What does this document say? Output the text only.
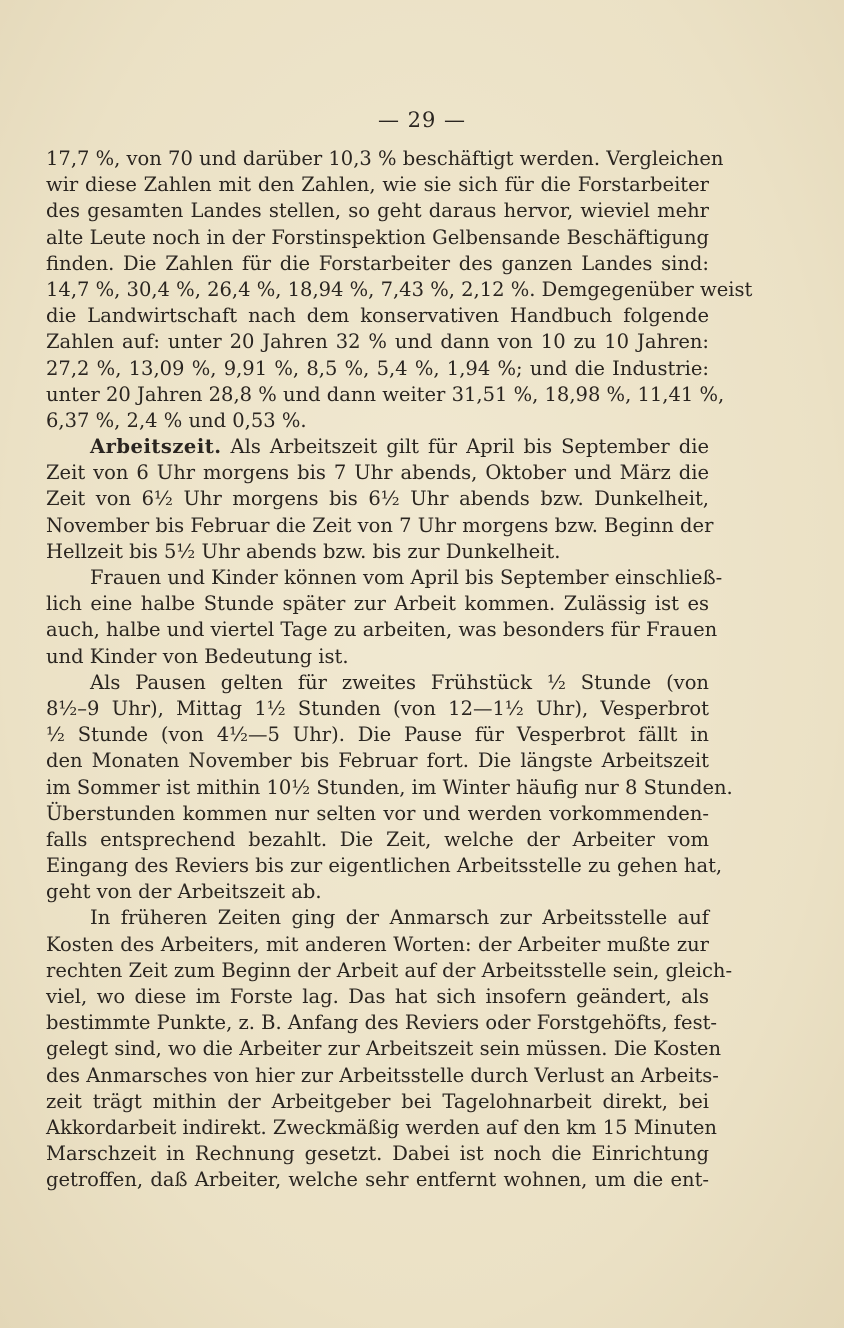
— 29 —
17,7 %, von 70 und darüber 10,3 % beschäftigt werden. Vergleichen
wir diese Zahlen mit den Zahlen, wie sie sich für die Forstarbeiter
des gesamten Landes stellen, so geht daraus hervor, wieviel mehr
alte Leute noch in der Forstinspektion Gelbensande Beschäftigung
finden. Die Zahlen für die Forstarbeiter des ganzen Landes sind:
14,7 %, 30,4 %, 26,4 %, 18,94 %, 7,43 %, 2,12 %. Demgegenüber weist
die Landwirtschaft nach dem konservativen Handbuch folgende
Zahlen auf: unter 20 Jahren 32 % und dann von 10 zu 10 Jahren:
27,2 %, 13,09 %, 9,91 %, 8,5 %, 5,4 %, 1,94 %; und die Industrie:
unter 20 Jahren 28,8 % und dann weiter 31,51 %, 18,98 %, 11,41 %,
6,37 %, 2,4 % und 0,53 %.
Arbeitszeit. Als Arbeitszeit gilt für April bis September die
Zeit von 6 Uhr morgens bis 7 Uhr abends, Oktober und März die
Zeit von 6½ Uhr morgens bis 6½ Uhr abends bzw. Dunkelheit,
November bis Februar die Zeit von 7 Uhr morgens bzw. Beginn der
Hellzeit bis 5½ Uhr abends bzw. bis zur Dunkelheit.
Frauen und Kinder können vom April bis September einschließ-
lich eine halbe Stunde später zur Arbeit kommen. Zulässig ist es
auch, halbe und viertel Tage zu arbeiten, was besonders für Frauen
und Kinder von Bedeutung ist.
Als Pausen gelten für zweites Frühstück ½ Stunde (von
8½–9 Uhr), Mittag 1½ Stunden (von 12—1½ Uhr), Vesperbrot
½ Stunde (von 4½—5 Uhr). Die Pause für Vesperbrot fällt in
den Monaten November bis Februar fort. Die längste Arbeitszeit
im Sommer ist mithin 10½ Stunden, im Winter häufig nur 8 Stunden.
Überstunden kommen nur selten vor und werden vorkommenden-
falls entsprechend bezahlt. Die Zeit, welche der Arbeiter vom
Eingang des Reviers bis zur eigentlichen Arbeitsstelle zu gehen hat,
geht von der Arbeitszeit ab.
In früheren Zeiten ging der Anmarsch zur Arbeitsstelle auf
Kosten des Arbeiters, mit anderen Worten: der Arbeiter mußte zur
rechten Zeit zum Beginn der Arbeit auf der Arbeitsstelle sein, gleich-
viel, wo diese im Forste lag. Das hat sich insofern geändert, als
bestimmte Punkte, z. B. Anfang des Reviers oder Forstgehöfts, fest-
gelegt sind, wo die Arbeiter zur Arbeitszeit sein müssen. Die Kosten
des Anmarsches von hier zur Arbeitsstelle durch Verlust an Arbeits-
zeit trägt mithin der Arbeitgeber bei Tagelohnarbeit direkt, bei
Akkordarbeit indirekt. Zweckmäßig werden auf den km 15 Minuten
Marschzeit in Rechnung gesetzt. Dabei ist noch die Einrichtung
getroffen, daß Arbeiter, welche sehr entfernt wohnen, um die ent-
